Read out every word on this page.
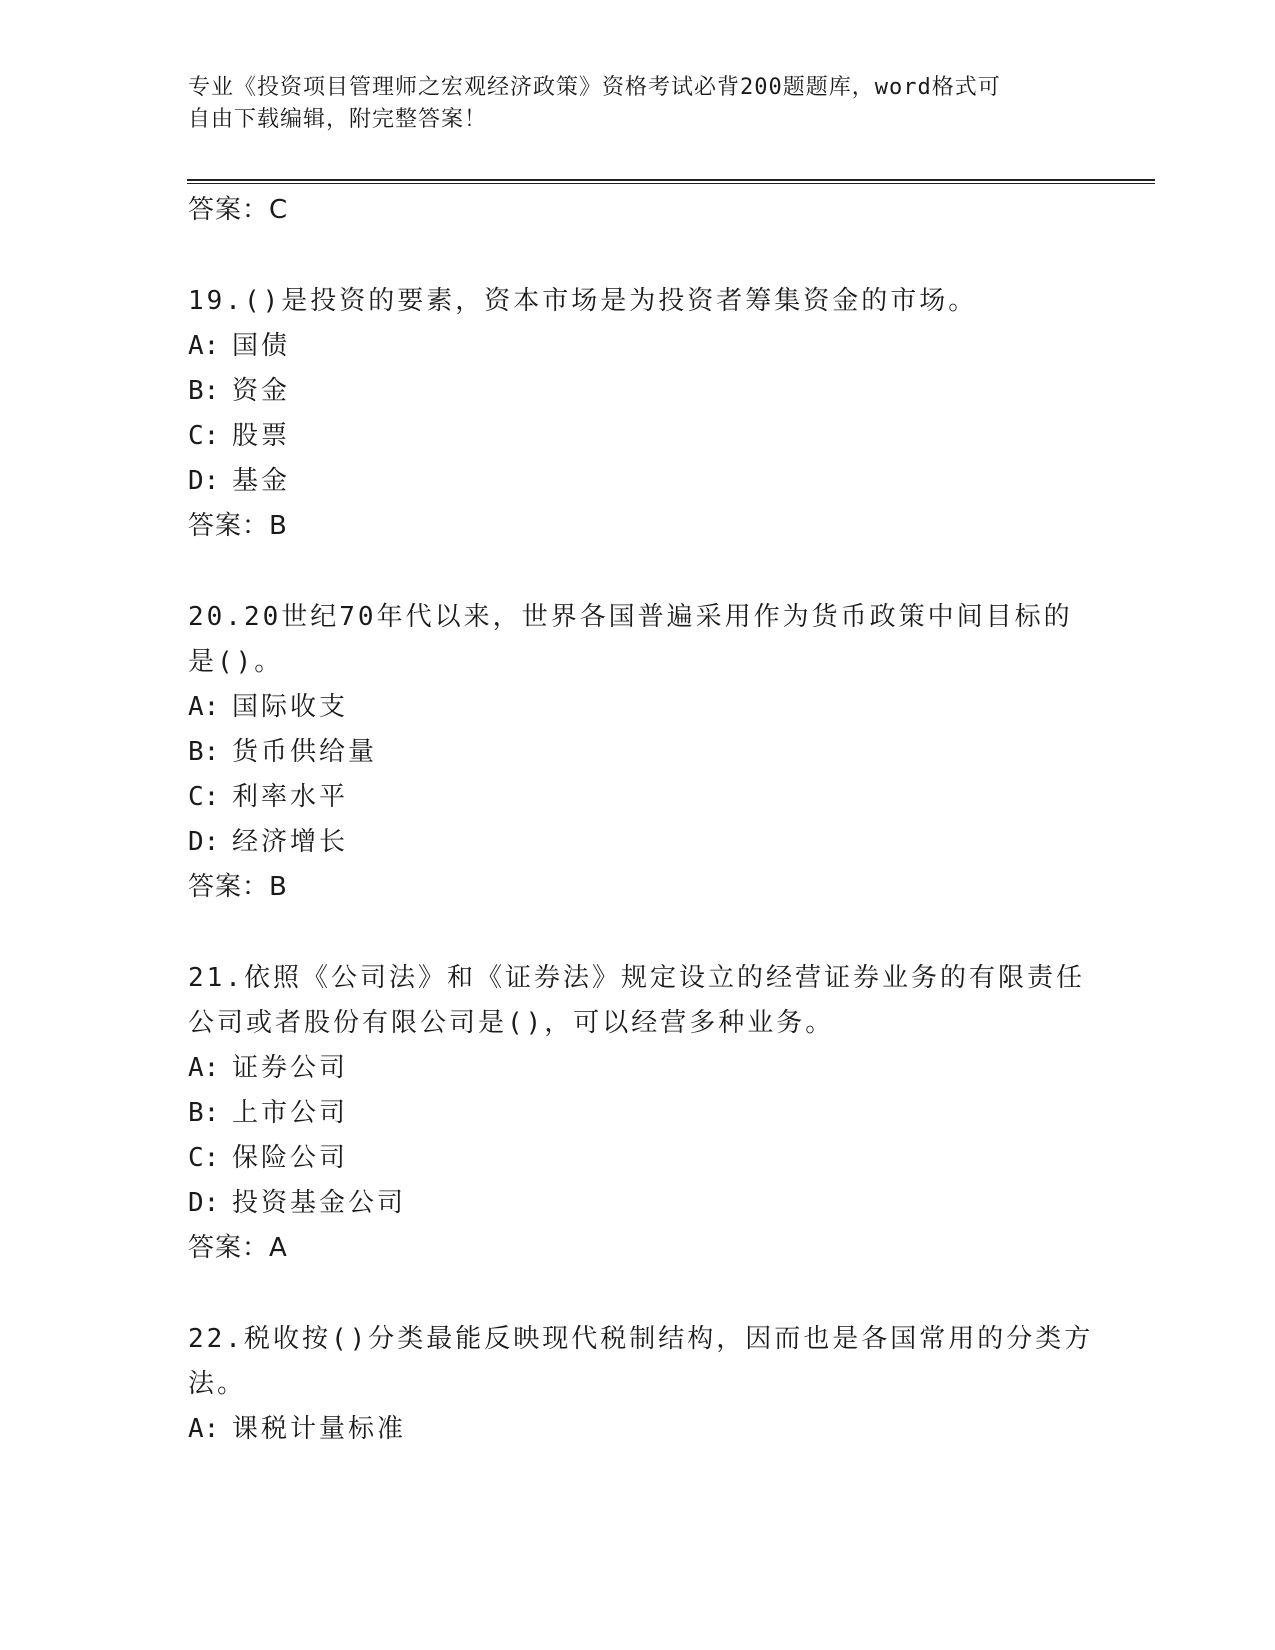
专业《投资项目管理师之宏观经济政策》资格考试必背200题题库，word格式可
自由下载编辑，附完整答案！
答案：C
19.()是投资的要素，资本市场是为投资者筹集资金的市场。
A: 国债
B: 资金
C: 股票
D: 基金
答案：B
20.20世纪70年代以来，世界各国普遍采用作为货币政策中间目标的
是()。
A: 国际收支
B: 货币供给量
C: 利率水平
D: 经济增长
答案：B
21.依照《公司法》和《证券法》规定设立的经营证券业务的有限责任
公司或者股份有限公司是()，可以经营多种业务。
A: 证券公司
B: 上市公司
C: 保险公司
D: 投资基金公司
答案：A
22.税收按()分类最能反映现代税制结构，因而也是各国常用的分类方
法。
A: 课税计量标准
